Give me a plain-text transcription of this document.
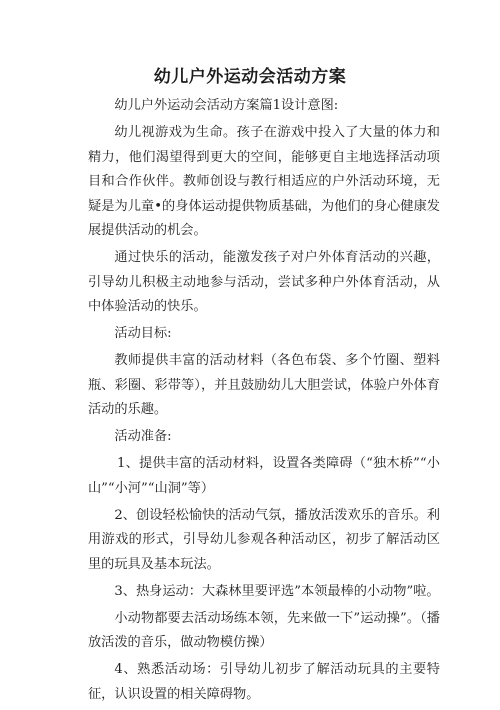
幼儿户外运动会活动方案

幼儿户外运动会活动方案篇1设计意图:

幼儿视游戏为生命。孩子在游戏中投入了大量的体力和精力，他们渴望得到更大的空间，能够更自主地选择活动项目和合作伙伴。教师创设与教行相适应的户外活动环境，无疑是为儿童•的身体运动提供物质基础，为他们的身心健康发展提供活动的机会。

通过快乐的活动，能激发孩子对户外体育活动的兴趣，引导幼儿积极主动地参与活动，尝试多种户外体育活动，从中体验活动的快乐。

活动目标:

教师提供丰富的活动材料（各色布袋、多个竹圈、塑料瓶、彩圈、彩带等），并且鼓励幼儿大胆尝试，体验户外体育活动的乐趣。

活动准备:

1、提供丰富的活动材料，设置各类障碍（“独木桥”“小山”“小河”“山洞”等）

2、创设轻松愉快的活动气氛，播放活泼欢乐的音乐。利用游戏的形式，引导幼儿参观各种活动区，初步了解活动区里的玩具及基本玩法。

3、热身运动：大森林里要评选”本领最棒的小动物”啦。

小动物都要去活动场练本领，先来做一下”运动操”。（播放活泼的音乐，做动物模仿操）

4、熟悉活动场：引导幼儿初步了解活动玩具的主要特征，认识设置的相关障碍物。
